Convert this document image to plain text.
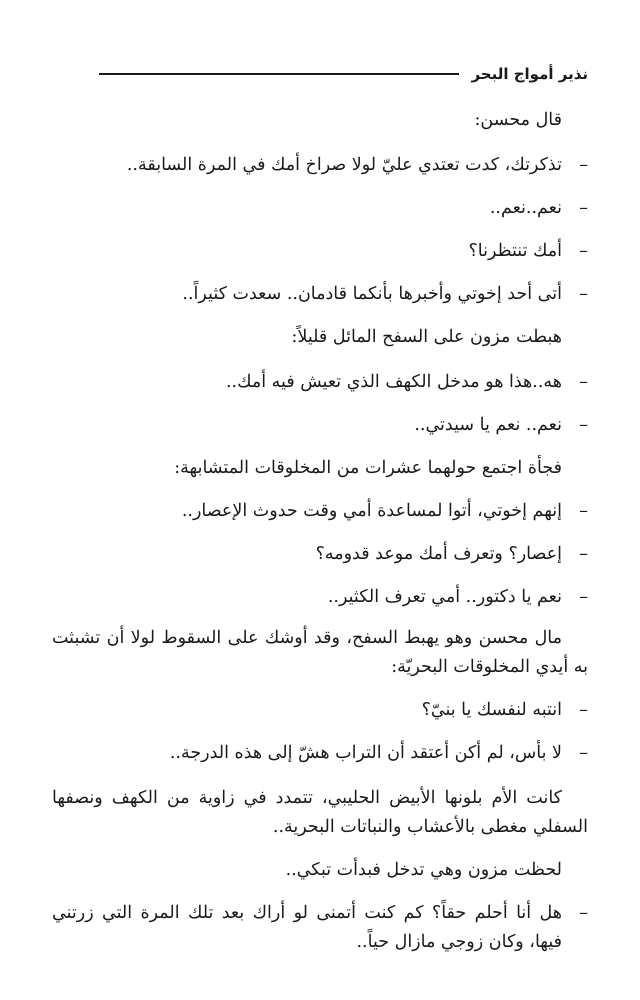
نذير أمواج البحر

قال محسن:

–
تذكرتك، كدت تعتدي عليّ لولا صراخ أمك في المرة السابقة..

–
نعم..نعم..

–
أمك تنتظرنا؟

–
أتى أحد إخوتي وأخبرها بأنكما قادمان.. سعدت كثيراً..

هبطت مزون على السفح المائل قليلاً:

–
هه..هذا هو مدخل الكهف الذي تعيش فيه أمك..

–
نعم.. نعم يا سيدتي..

فجأة اجتمع حولهما عشرات من المخلوقات المتشابهة:

–
إنهم إخوتي، أتوا لمساعدة أمي وقت حدوث الإعصار..

–
إعصار؟ وتعرف أمك موعد قدومه؟

–
نعم يا دكتور.. أمي تعرف الكثير..

مال محسن وهو يهبط السفح، وقد أوشك على السقوط لولا أن تشبثت به أيدي المخلوقات البحريّة:

–
انتبه لنفسك يا بنيّ؟

–
لا بأس، لم أكن أعتقد أن التراب هشّ إلى هذه الدرجة..

كانت الأم بلونها الأبيض الحليبي، تتمدد في زاوية من الكهف ونصفها السفلي مغطى بالأعشاب والنباتات البحرية..

لحظت مزون وهي تدخل فبدأت تبكي..

–
هل أنا أحلم حقاً؟ كم كنت أتمنى لو أراك بعد تلك المرة التي زرتني فيها، وكان زوجي مازال حياً..
